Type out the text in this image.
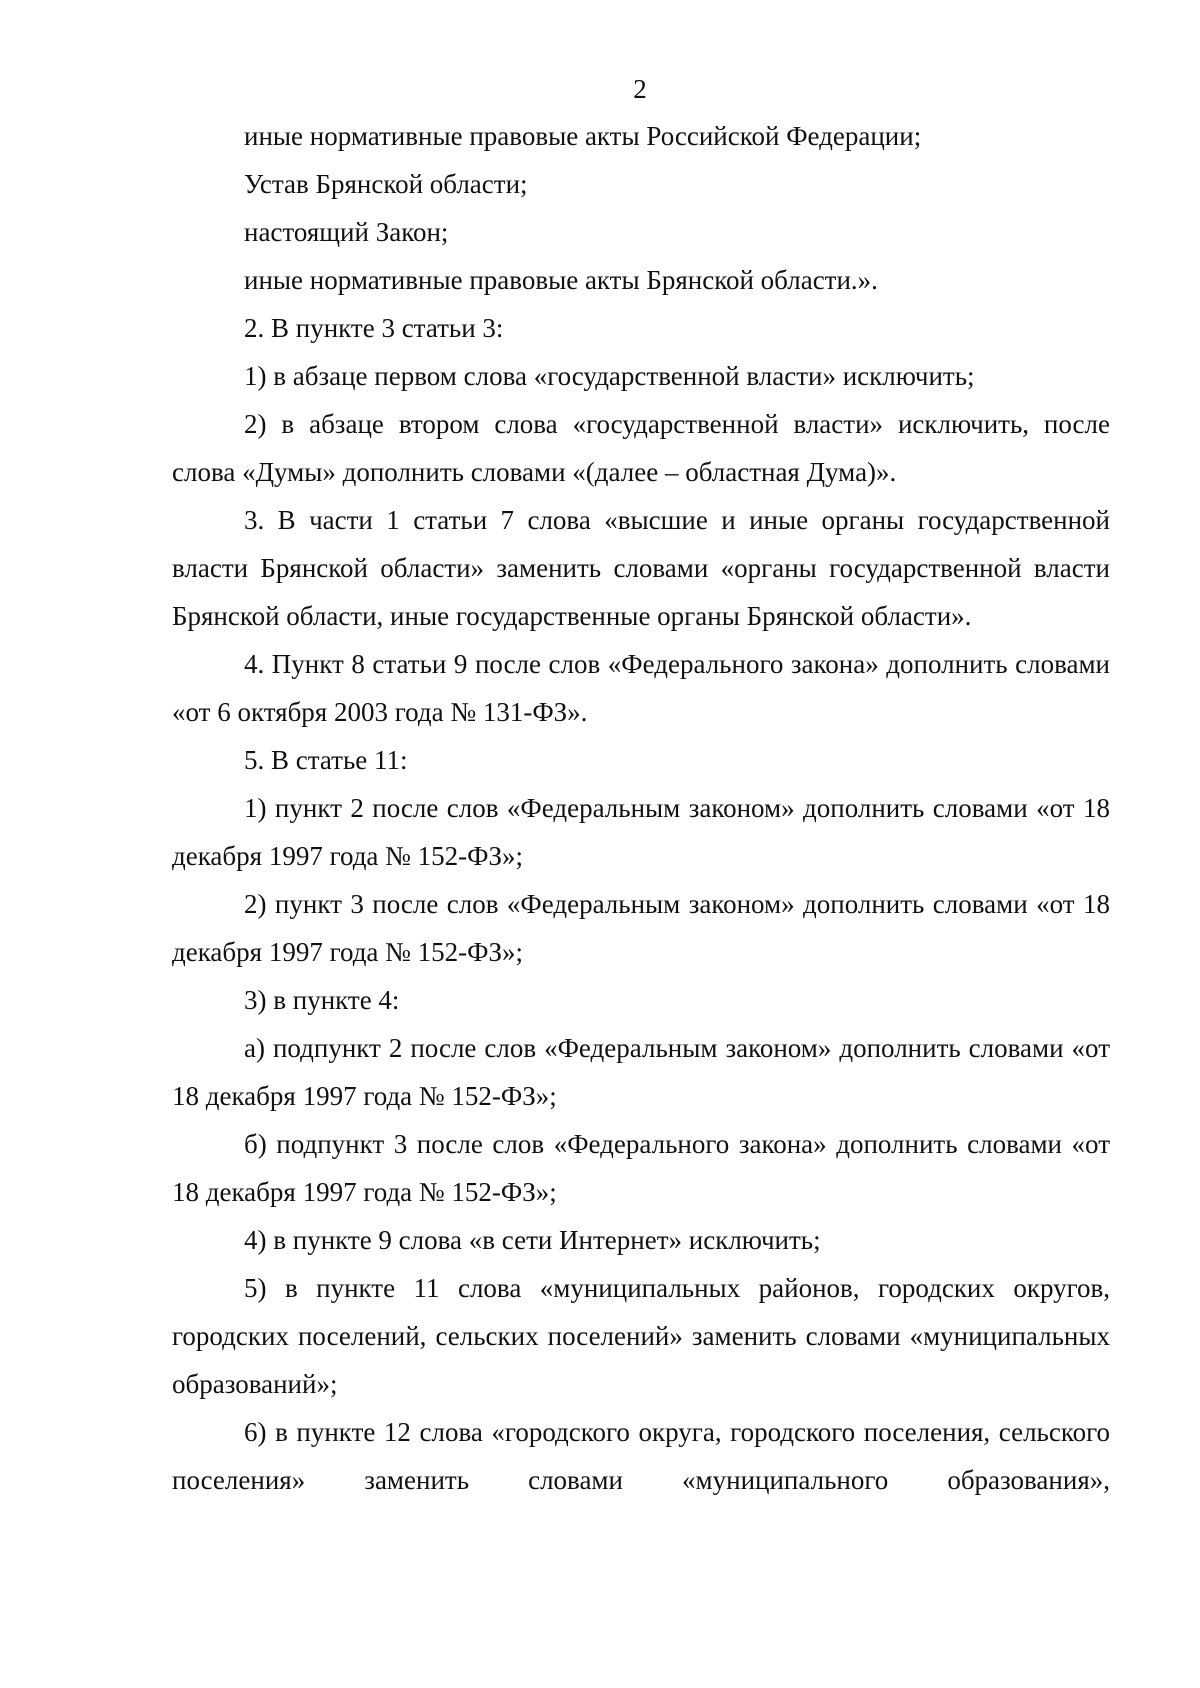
2

иные нормативные правовые акты Российской Федерации;

Устав Брянской области;

настоящий Закон;

иные нормативные правовые акты Брянской области.».

2. В пункте 3 статьи 3:

1) в абзаце первом слова «государственной власти» исключить;

2) в абзаце втором слова «государственной власти» исключить, после слова «Думы» дополнить словами «(далее – областная Дума)».

3. В части 1 статьи 7 слова «высшие и иные органы государственной власти Брянской области» заменить словами «органы государственной власти Брянской области, иные государственные органы Брянской области».

4. Пункт 8 статьи 9 после слов «Федерального закона» дополнить словами «от 6 октября 2003 года № 131-ФЗ».

5. В статье 11:

1) пункт 2 после слов «Федеральным законом» дополнить словами «от 18 декабря 1997 года № 152-ФЗ»;

2) пункт 3 после слов «Федеральным законом» дополнить словами «от 18 декабря 1997 года № 152-ФЗ»;

3) в пункте 4:

а) подпункт 2 после слов «Федеральным законом» дополнить словами «от 18 декабря 1997 года № 152-ФЗ»;

б) подпункт 3 после слов «Федерального закона» дополнить словами «от 18 декабря 1997 года № 152-ФЗ»;

4) в пункте 9 слова «в сети Интернет» исключить;

5) в пункте 11 слова «муниципальных районов, городских округов, городских поселений, сельских поселений» заменить словами «муниципальных образований»;

6) в пункте 12 слова «городского округа, городского поселения, сельского поселения» заменить словами «муниципального образования»,
